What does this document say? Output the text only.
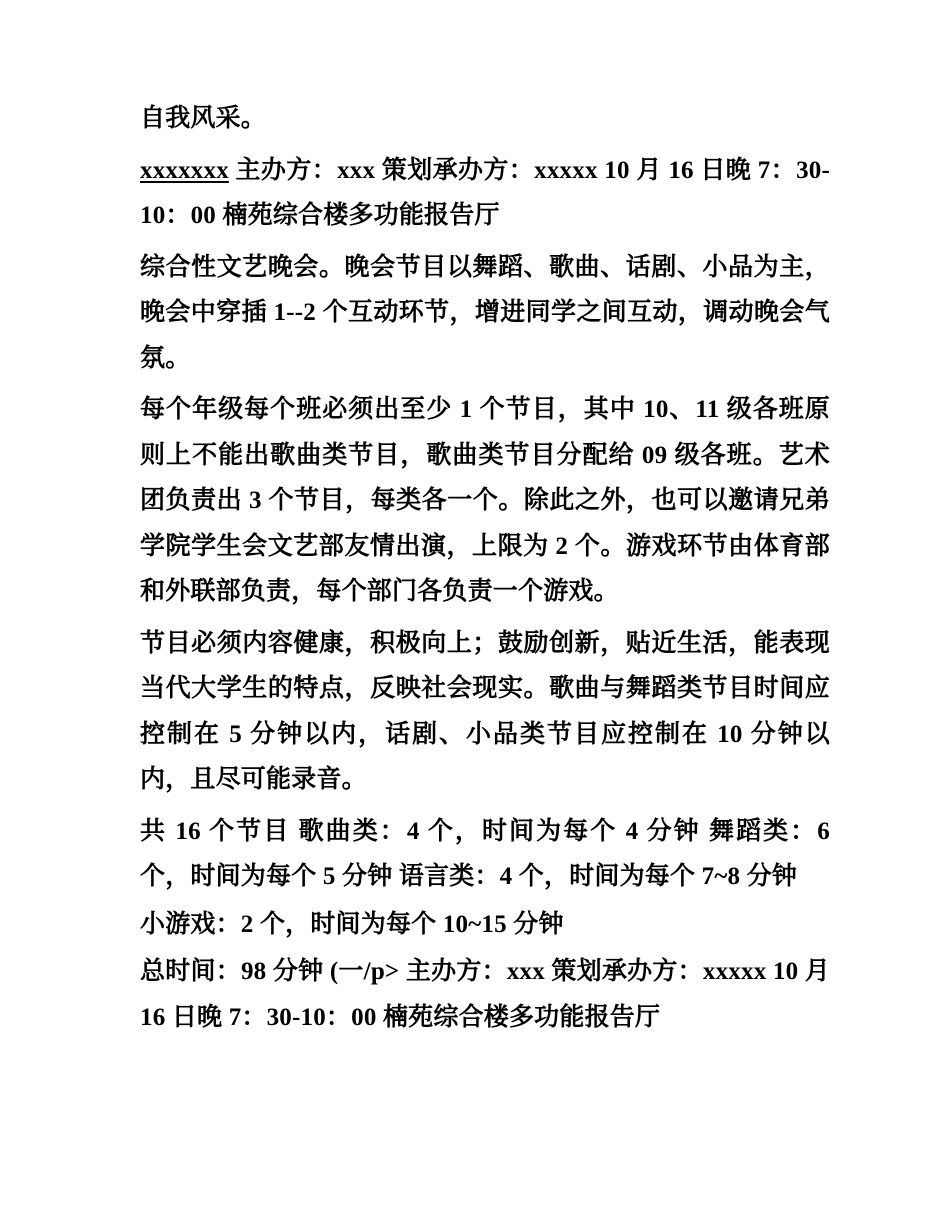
自我风采。

xxxxxxx 主办方：xxx 策划承办方：xxxxx 10 月 16 日晚 7：30-10：00 楠苑综合楼多功能报告厅

综合性文艺晚会。晚会节目以舞蹈、歌曲、话剧、小品为主，晚会中穿插 1--2 个互动环节，增进同学之间互动，调动晚会气氛。

每个年级每个班必须出至少 1 个节目，其中 10、11 级各班原则上不能出歌曲类节目，歌曲类节目分配给 09 级各班。艺术团负责出 3 个节目，每类各一个。除此之外，也可以邀请兄弟学院学生会文艺部友情出演，上限为 2 个。游戏环节由体育部和外联部负责，每个部门各负责一个游戏。

节目必须内容健康，积极向上；鼓励创新，贴近生活，能表现当代大学生的特点，反映社会现实。歌曲与舞蹈类节目时间应控制在 5 分钟以内，话剧、小品类节目应控制在 10 分钟以内，且尽可能录音。

共 16 个节目 歌曲类：4 个，时间为每个 4 分钟 舞蹈类：6 个，时间为每个 5 分钟 语言类：4 个，时间为每个 7~8 分钟

小游戏：2 个，时间为每个 10~15 分钟

总时间：98 分钟 (一/p> 主办方：xxx 策划承办方：xxxxx 10 月 16 日晚 7：30-10：00 楠苑综合楼多功能报告厅
